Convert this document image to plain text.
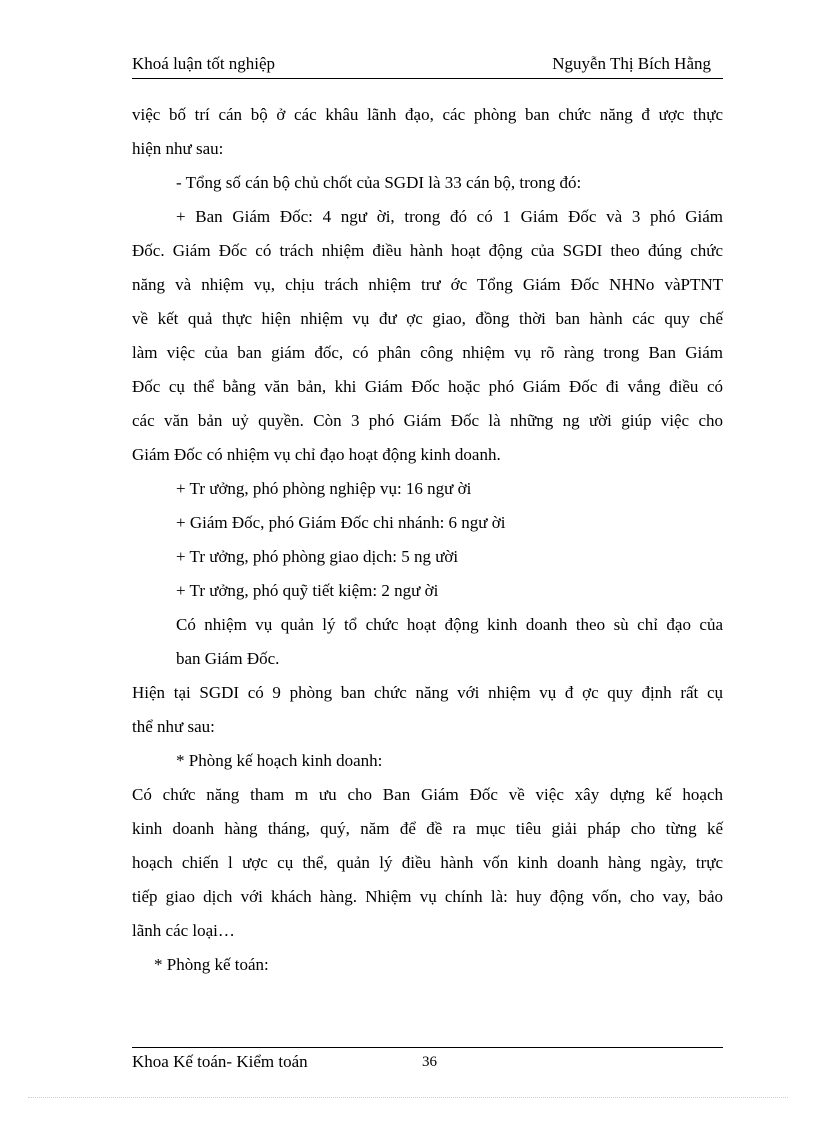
Khoá luận tốt nghiệp	Nguyễn Thị Bích Hằng

việc bố trí cán bộ ở các khâu lãnh đạo, các phòng ban chức năng đ ược thực

hiện như sau:

- Tổng số cán bộ chủ chốt của SGDI là 33 cán bộ, trong đó:

+ Ban Giám Đốc: 4 ngư ời, trong đó có 1 Giám Đốc và 3 phó Giám

Đốc. Giám Đốc có trách nhiệm điều hành hoạt động của SGDI theo đúng chức

năng và nhiệm vụ, chịu trách nhiệm trư ớc Tổng Giám Đốc NHNo vàPTNT

về kết quả thực hiện nhiệm vụ đư ợc giao, đồng thời ban hành các quy chế

làm việc của ban giám đốc, có phân công nhiệm vụ rõ ràng trong Ban Giám

Đốc cụ thể bằng văn bản, khi Giám Đốc hoặc phó Giám Đốc đi vắng điều có

các văn bản uỷ quyền. Còn 3 phó Giám Đốc là những ng ười giúp việc cho

Giám Đốc có nhiệm vụ chỉ đạo hoạt động kinh doanh.

+ Tr ưởng, phó phòng nghiệp vụ: 16 ngư ời

+ Giám Đốc, phó Giám Đốc chi nhánh: 6 ngư ời

+ Tr ưởng, phó phòng giao dịch: 5 ng ười

+ Tr ưởng, phó quỹ tiết kiệm: 2 ngư ời

Có nhiệm vụ quản lý tổ chức hoạt động kinh doanh theo sù chỉ đạo của

ban Giám Đốc.

Hiện tại SGDI có 9 phòng ban chức năng với nhiệm vụ đ ợc quy định rất cụ

thể như sau:

* Phòng kế hoạch kinh doanh:

Có chức năng tham m ưu cho Ban Giám Đốc về việc xây dựng kế hoạch

kinh doanh hàng tháng, quý, năm để đề ra mục tiêu giải pháp cho từng kế

hoạch chiến l ược cụ thể, quản lý điều hành vốn kinh doanh hàng ngày, trực

tiếp giao dịch với khách hàng. Nhiệm vụ chính là: huy động vốn, cho vay, bảo

lãnh các loại…

* Phòng kế toán:

Khoa Kế toán- Kiểm toán	36
